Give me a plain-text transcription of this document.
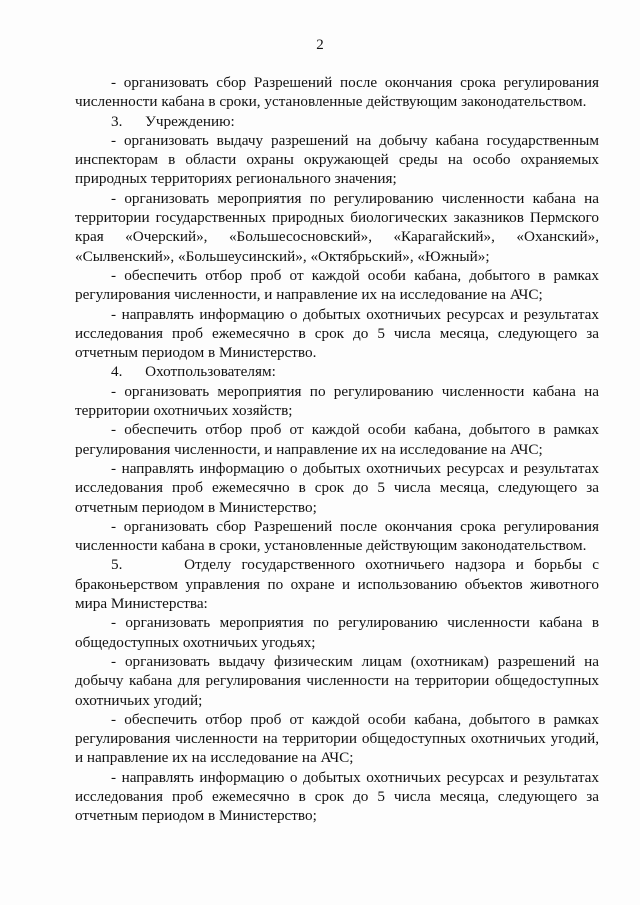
2

- организовать сбор Разрешений после окончания срока регулирования численности кабана в сроки, установленные действующим законодательством.

3.      Учреждению:

- организовать выдачу разрешений на добычу кабана государственным инспекторам в области охраны окружающей среды на особо охраняемых природных территориях регионального значения;

- организовать мероприятия по регулированию численности кабана на территории государственных природных биологических заказников Пермского края «Очерский», «Большесосновский», «Карагайский», «Оханский», «Сылвенский», «Большеусинский», «Октябрьский», «Южный»;

- обеспечить отбор проб от каждой особи кабана, добытого в рамках регулирования численности, и направление их на исследование на АЧС;

- направлять информацию о добытых охотничьих ресурсах и результатах исследования проб ежемесячно в срок до 5 числа месяца, следующего за отчетным периодом в Министерство.

4.      Охотпользователям:

- организовать мероприятия по регулированию численности кабана на территории охотничьих хозяйств;

- обеспечить отбор проб от каждой особи кабана, добытого в рамках регулирования численности, и направление их на исследование на АЧС;

- направлять информацию о добытых охотничьих ресурсах и результатах исследования проб ежемесячно в срок до 5 числа месяца, следующего за отчетным периодом в Министерство;

- организовать сбор Разрешений после окончания срока регулирования численности кабана в сроки, установленные действующим законодательством.

5.      Отделу государственного охотничьего надзора и борьбы с браконьерством управления по охране и использованию объектов животного мира Министерства:

- организовать мероприятия по регулированию численности кабана в общедоступных охотничьих угодьях;

- организовать выдачу физическим лицам (охотникам) разрешений на добычу кабана для регулирования численности на территории общедоступных охотничьих угодий;

- обеспечить отбор проб от каждой особи кабана, добытого в рамках регулирования численности на территории общедоступных охотничьих угодий, и направление их на исследование на АЧС;

- направлять информацию о добытых охотничьих ресурсах и результатах исследования проб ежемесячно в срок до 5 числа месяца, следующего за отчетным периодом в Министерство;
